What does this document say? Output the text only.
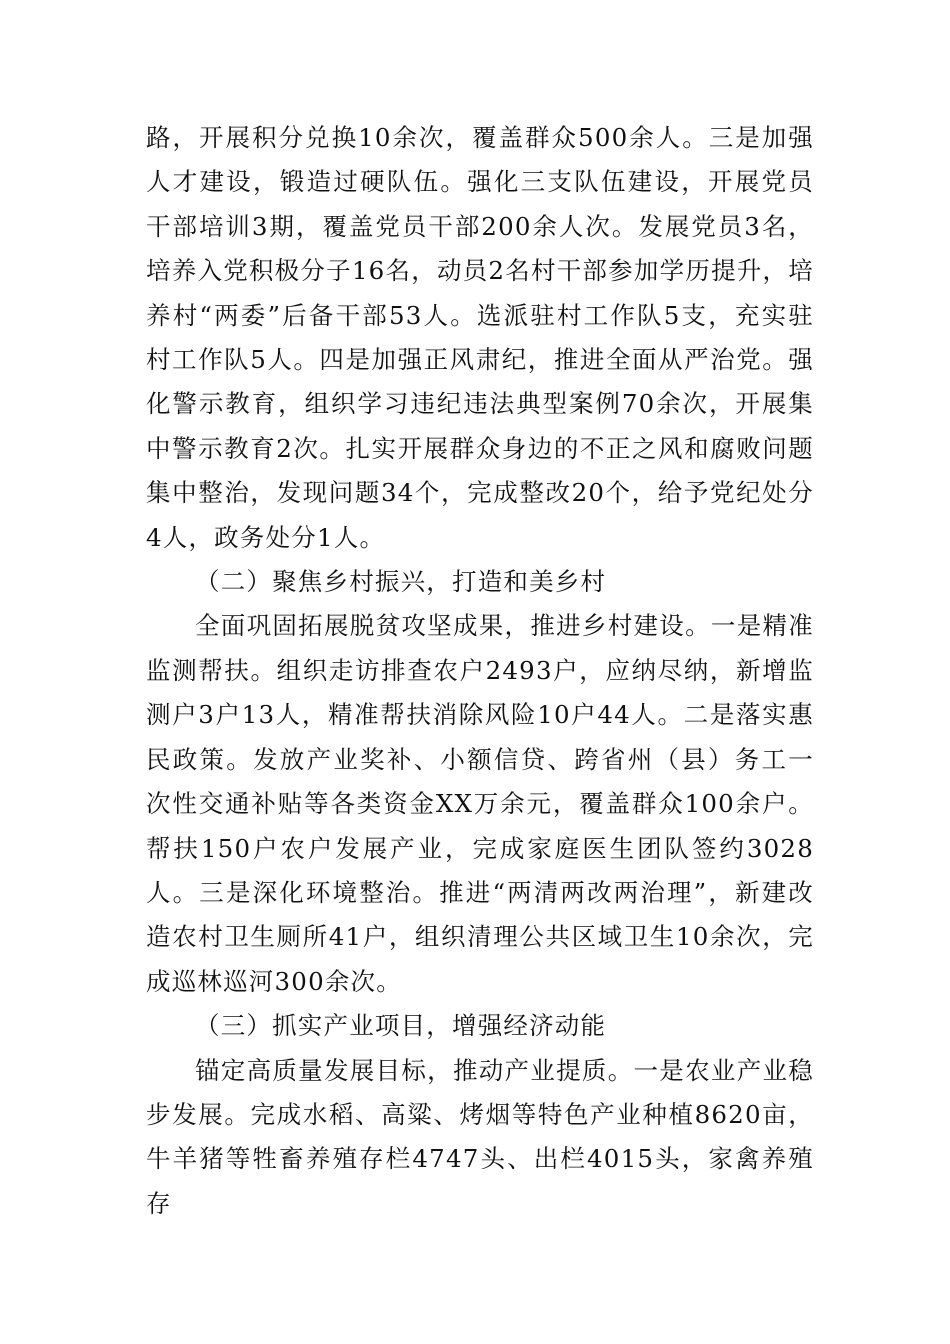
路，开展积分兑换10余次，覆盖群众500余人。三是加强人才建设，锻造过硬队伍。强化三支队伍建设，开展党员干部培训3期，覆盖党员干部200余人次。发展党员3名，培养入党积极分子16名，动员2名村干部参加学历提升，培养村“两委”后备干部53人。选派驻村工作队5支，充实驻村工作队5人。四是加强正风肃纪，推进全面从严治党。强化警示教育，组织学习违纪违法典型案例70余次，开展集中警示教育2次。扎实开展群众身边的不正之风和腐败问题集中整治，发现问题34个，完成整改20个，给予党纪处分4人，政务处分1人。

（二）聚焦乡村振兴，打造和美乡村

全面巩固拓展脱贫攻坚成果，推进乡村建设。一是精准监测帮扶。组织走访排查农户2493户，应纳尽纳，新增监测户3户13人，精准帮扶消除风险10户44人。二是落实惠民政策。发放产业奖补、小额信贷、跨省州（县）务工一次性交通补贴等各类资金XX万余元，覆盖群众100余户。帮扶150户农户发展产业，完成家庭医生团队签约3028人。三是深化环境整治。推进“两清两改两治理”，新建改造农村卫生厕所41户，组织清理公共区域卫生10余次，完成巡林巡河300余次。

（三）抓实产业项目，增强经济动能

锚定高质量发展目标，推动产业提质。一是农业产业稳步发展。完成水稻、高粱、烤烟等特色产业种植8620亩，牛羊猪等牲畜养殖存栏4747头、出栏4015头，家禽养殖存
